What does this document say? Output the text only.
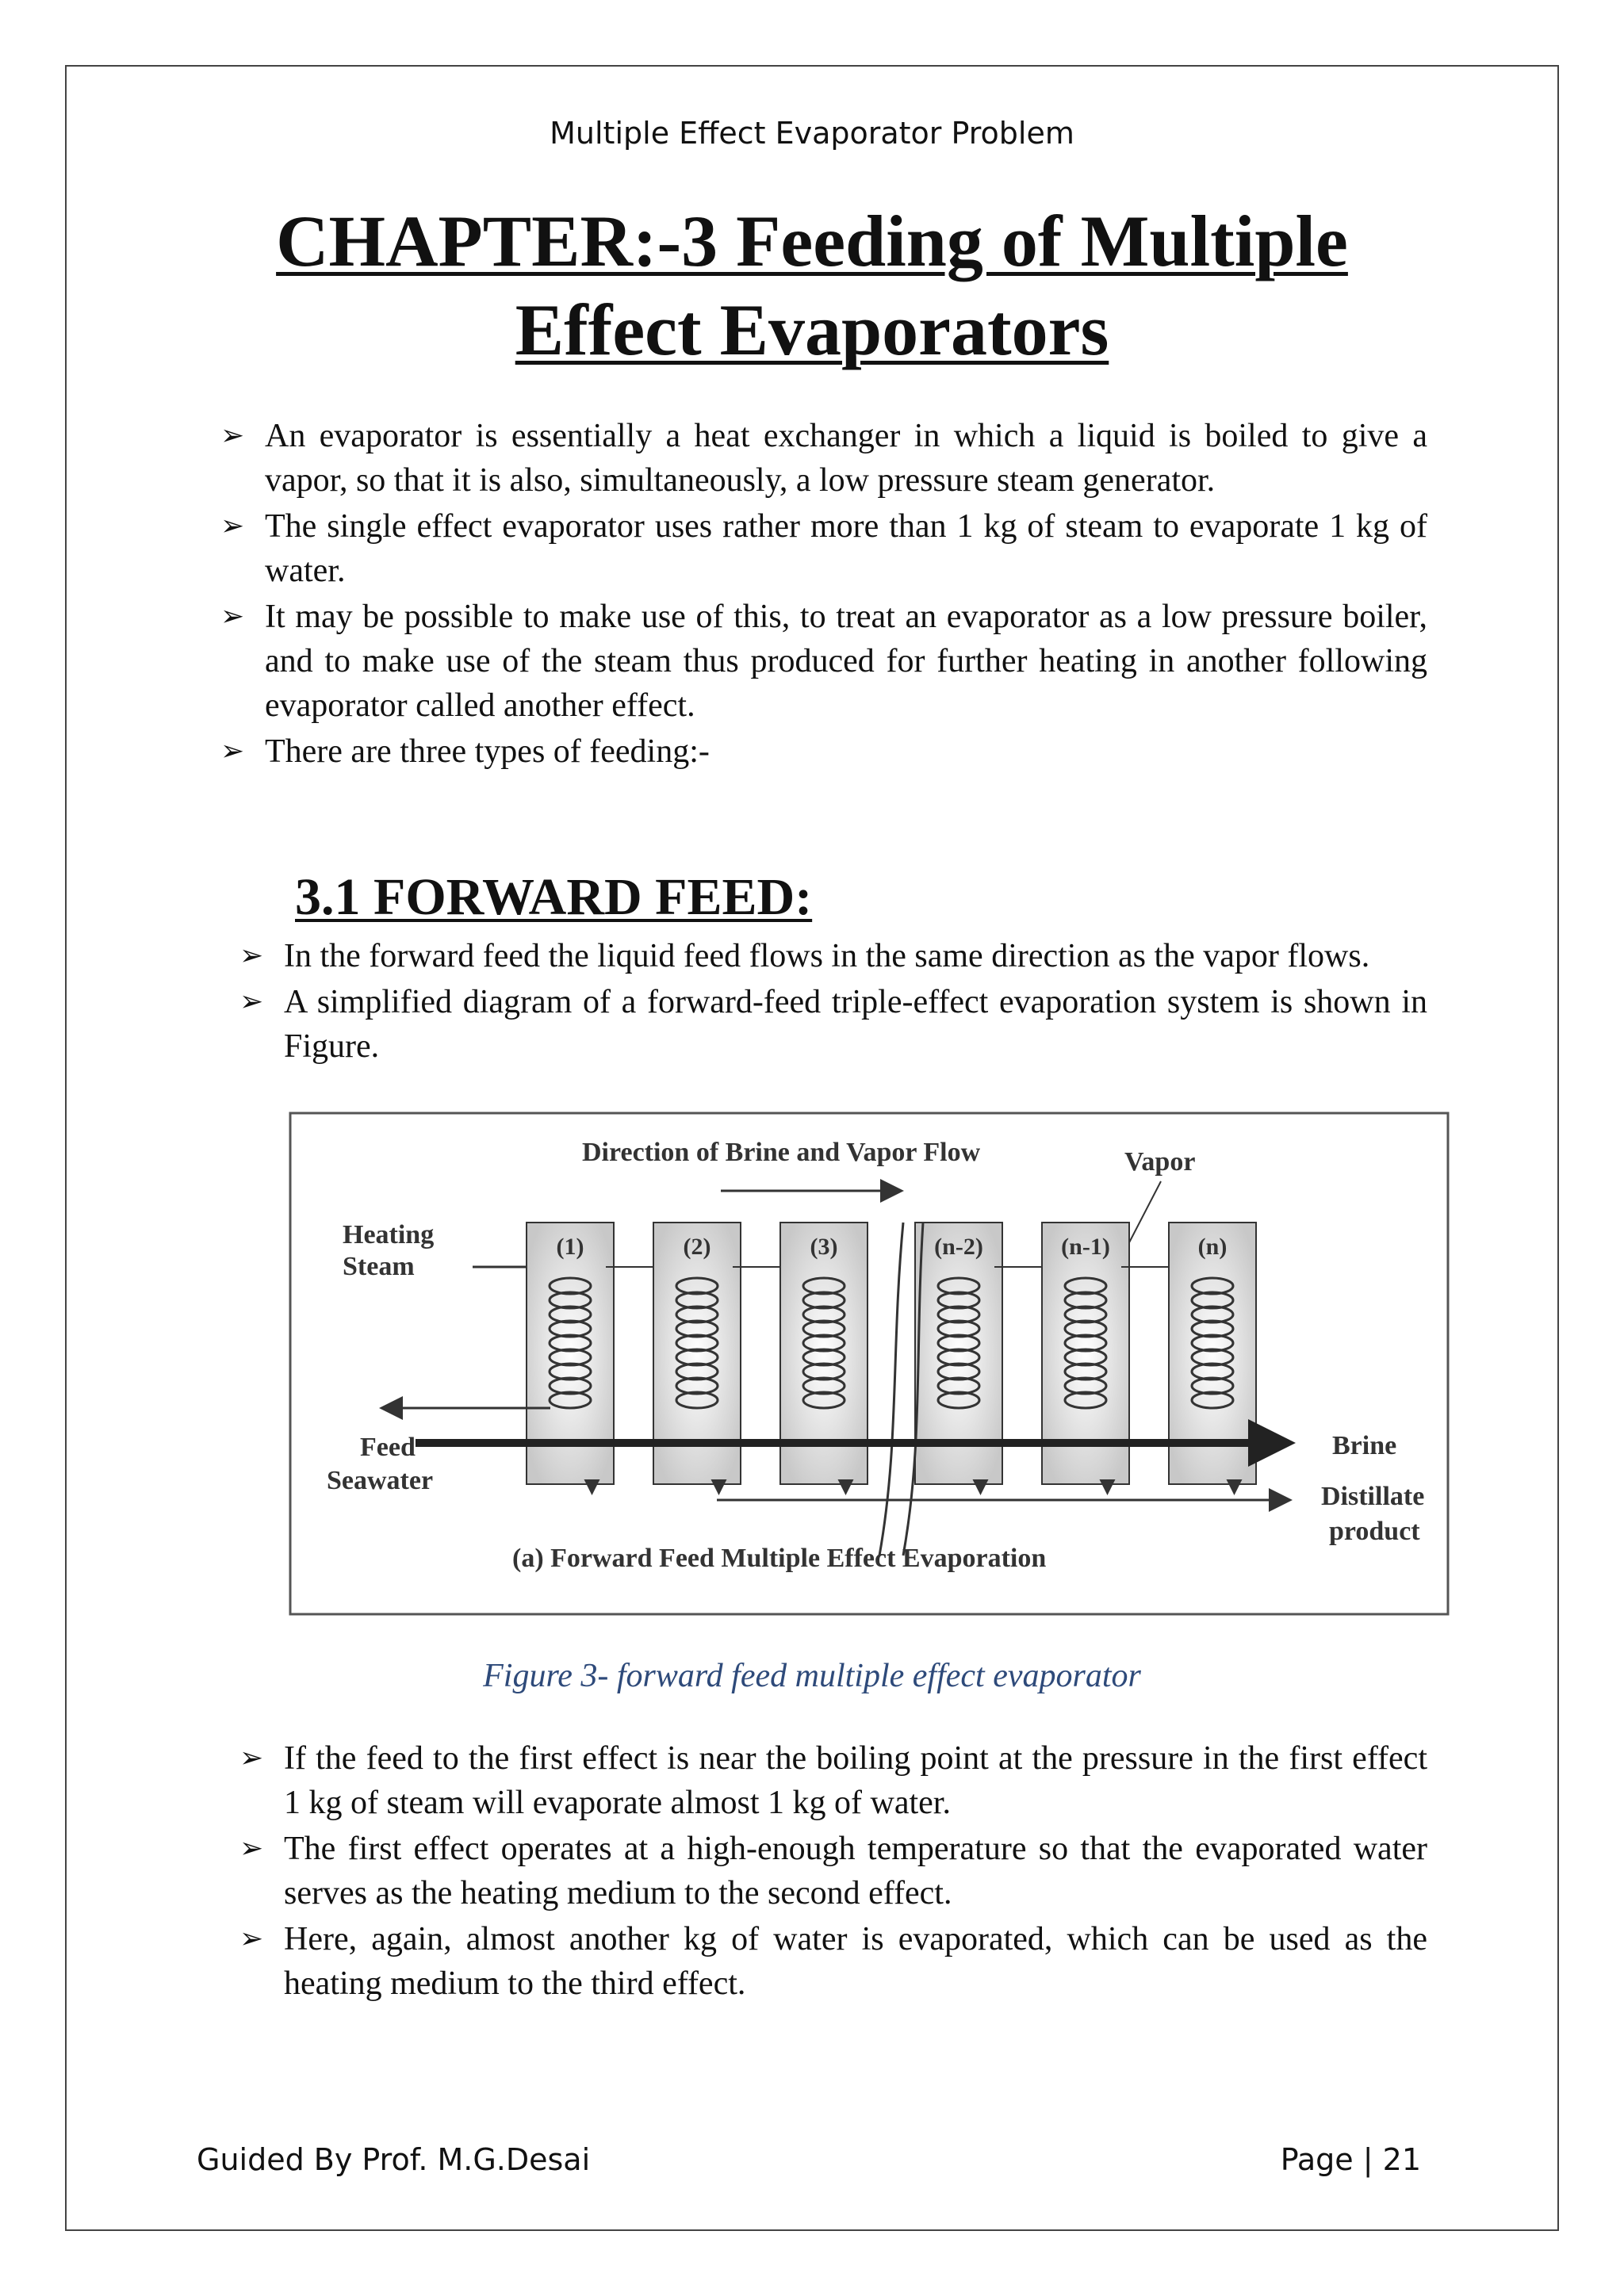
Multiple Effect Evaporator Problem
CHAPTER:-3 Feeding of Multiple
Effect Evaporators
➢ An evaporator is essentially a heat exchanger in which a liquid is boiled to give a vapor, so that it is also, simultaneously, a low pressure steam generator.
➢ The single effect evaporator uses rather more than 1 kg of steam to evaporate 1 kg of water.
➢ It may be possible to make use of this, to treat an evaporator as a low pressure boiler, and to make use of the steam thus produced for further heating in another following evaporator called another effect.
➢ There are three types of feeding:-
3.1 FORWARD FEED:
➢ In the forward feed the liquid feed flows in the same direction as the vapor flows.
➢ A simplified diagram of a forward-feed triple-effect evaporation system is shown in Figure.
Direction of Brine and Vapor Flow	Vapor
Heating
Steam
(1)	(2)	(3)	(n-2)	(n-1)	(n)
Feed
Seawater
Brine
Distillate
product
(a) Forward Feed Multiple Effect Evaporation
Figure 3- forward feed multiple effect evaporator
➢ If the feed to the first effect is near the boiling point at the pressure in the first effect 1 kg of steam will evaporate almost 1 kg of water.
➢ The first effect operates at a high-enough temperature so that the evaporated water serves as the heating medium to the second effect.
➢ Here, again, almost another kg of water is evaporated, which can be used as the heating medium to the third effect.
Guided By Prof. M.G.Desai	Page | 21
